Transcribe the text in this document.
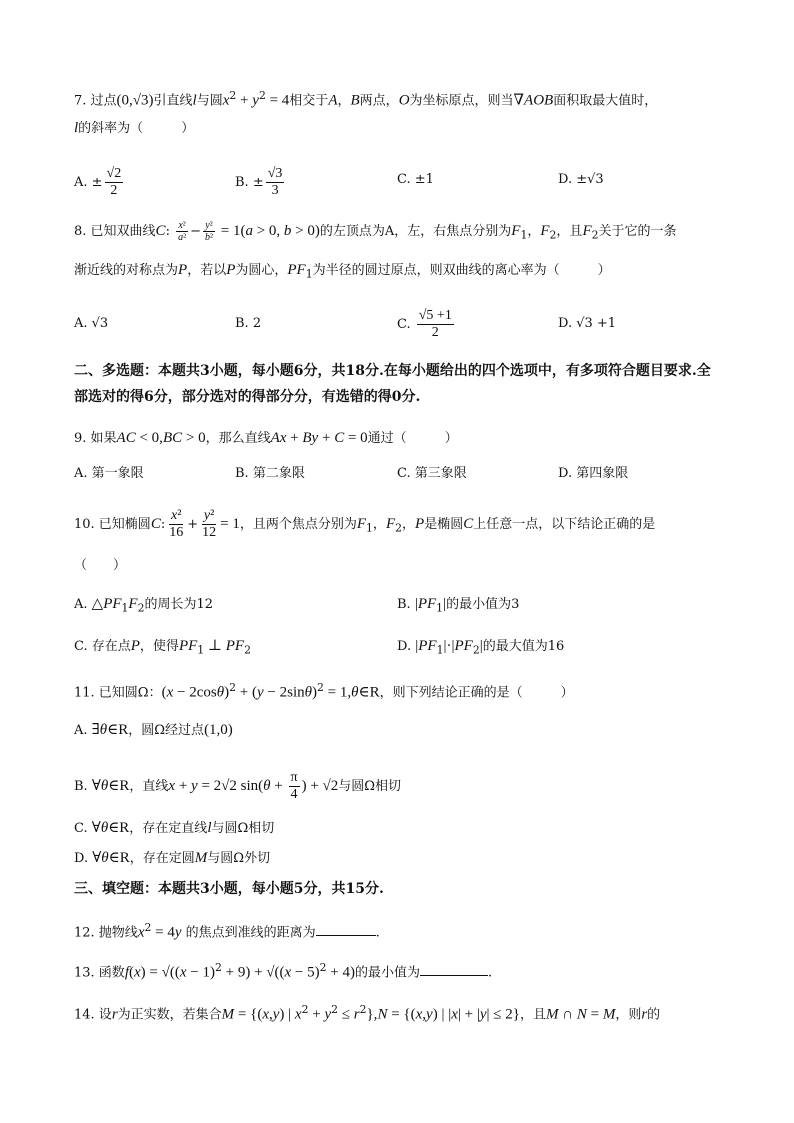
7. 过点(0,√3)引直线l与圆$x^2 + y^2 = 4$相交于A，B两点，O为坐标原点，则当∇AOB面积取最大值时，
l的斜率为（	）
A. ± $\frac{√2}{2}$	B. ± $\frac{√3}{3}$	C. ±1	D. ±√3
8. 已知双曲线C: $\frac{\text{x²}}{\text{a²}} - \frac{\text{y²}}{\text{b²}} = 1(a > 0$, b > 0)的左顶点为A，左，右焦点分别为$F_1$，$F_2$，且$F_2$关于它的一条
渐近线的对称点为P，若以P为圆心，$PF_1$为半径的圆过原点，则双曲线的离心率为（	）
A. √3	B. 2	C. $\frac{√5 +1}{2}$	D. √3 +1
二、多选题：本题共3小题，每小题6分，共18分.在每小题给出的四个选项中，有多项符合题目要求.全部选对的得6分，部分选对的得部分分，有选错的得0分.
9. 如果AC < 0,BC > 0，那么直线Ax + By + C = 0通过（	）
A. 第一象限	B. 第二象限	C. 第三象限	D. 第四象限
10. 已知椭圆C: $\frac{\text{x²}}{16} + \frac{\text{y²}}{12} = 1$，且两个焦点分别为$F_1$，$F_2$，P是椭圆C上任意一点，以下结论正确的是
（　　）
A. $\triangle PF_1F_2$的周长为12	B. $|PF_1|$的最小值为3
C. 存在点P，使得$PF_1$ ⊥ $PF_2$	D. $|PF_1|\cdot|PF_2|$的最大值为16
11. 已知圆Ω：$(x - 2\cos\theta)^2 + (y - 2\sin\theta)^2$ = 1,θ∈R，则下列结论正确的是（	）
A. ∃θ∈R，圆Ω经过点(1,0)
B. ∀θ∈R，直线x + y = 2√2 $\sin(\theta + \frac{\pi}{4}$ ) + √2与圆Ω相切
C. ∀θ∈R，存在定直线l与圆Ω相切
D. ∀θ∈R，存在定圆M与圆Ω外切
三、填空题：本题共3小题，每小题5分，共15分.
12. 抛物线$x^2 = 4y$ 的焦点到准线的距离为	.
13. 函数$f(x) = √((x - 1)^2 + 9) + √((x - 5)^2 + 4)$的最小值为	.
14. 设r为正实数，若集合M = {(x,y) | $x^2 + y^2 \le r^2\},N = \{(x,y)$ | |x| + |y| ≤ 2}，且M ∩ N = M，则r的
